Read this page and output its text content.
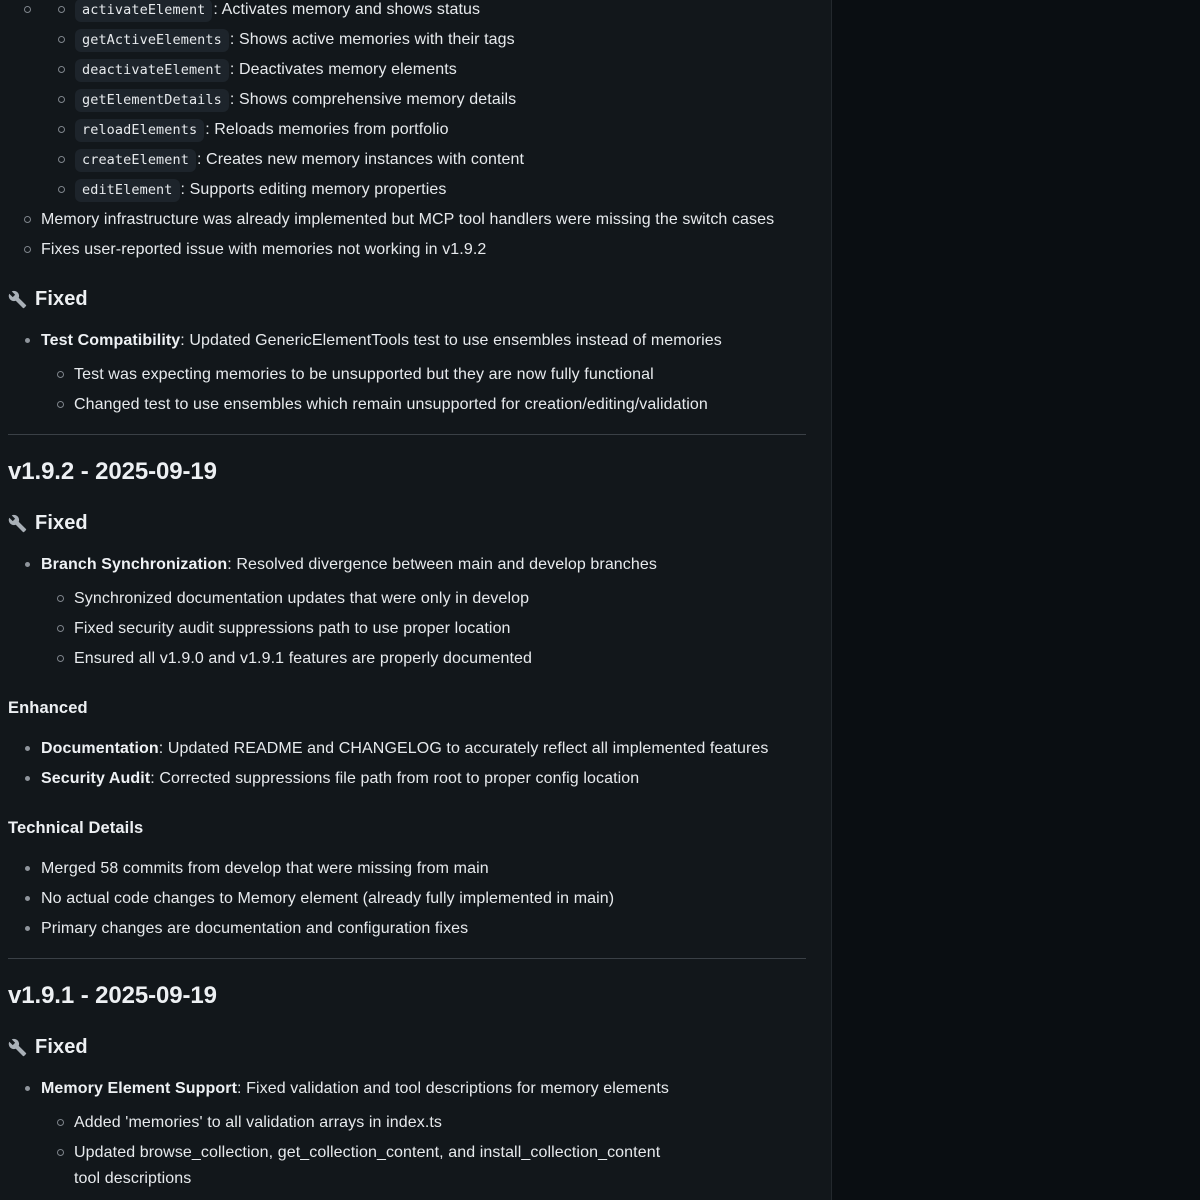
activateElement : Activates memory and shows status
getActiveElements : Shows active memories with their tags
deactivateElement : Deactivates memory elements
getElementDetails : Shows comprehensive memory details
reloadElements : Reloads memories from portfolio
createElement : Creates new memory instances with content
editElement : Supports editing memory properties
Memory infrastructure was already implemented but MCP tool handlers were missing the switch cases
Fixes user-reported issue with memories not working in v1.9.2
Fixed
Test Compatibility: Updated GenericElementTools test to use ensembles instead of memories
Test was expecting memories to be unsupported but they are now fully functional
Changed test to use ensembles which remain unsupported for creation/editing/validation
v1.9.2 - 2025-09-19
Fixed
Branch Synchronization: Resolved divergence between main and develop branches
Synchronized documentation updates that were only in develop
Fixed security audit suppressions path to use proper location
Ensured all v1.9.0 and v1.9.1 features are properly documented
Enhanced
Documentation: Updated README and CHANGELOG to accurately reflect all implemented features
Security Audit: Corrected suppressions file path from root to proper config location
Technical Details
Merged 58 commits from develop that were missing from main
No actual code changes to Memory element (already fully implemented in main)
Primary changes are documentation and configuration fixes
v1.9.1 - 2025-09-19
Fixed
Memory Element Support: Fixed validation and tool descriptions for memory elements
Added 'memories' to all validation arrays in index.ts
Updated browse_collection, get_collection_content, and install_collection_content
tool descriptions
